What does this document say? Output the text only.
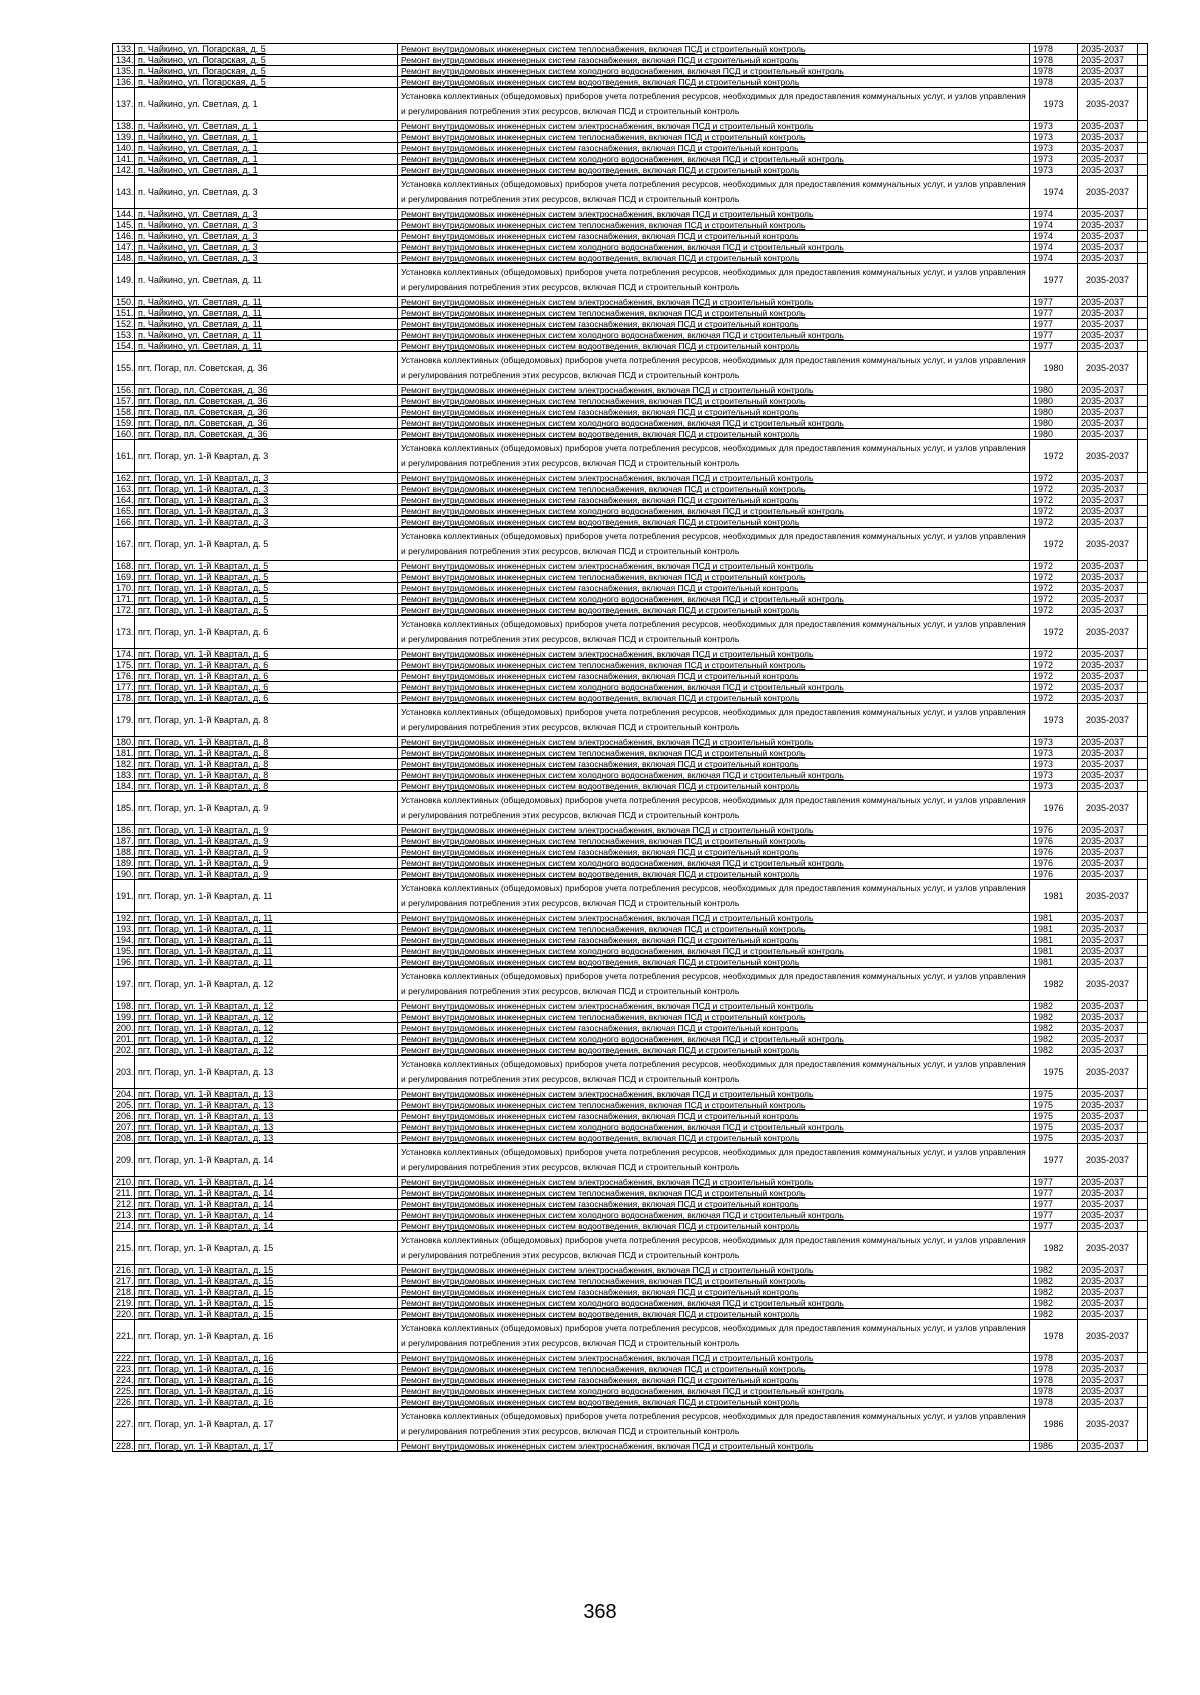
133.	п. Чайкино, ул. Погарская, д. 5	Ремонт внутридомовых инженерных систем теплоснабжения, включая ПСД и строительный контроль	1978	2035-2037	
134.	п. Чайкино, ул. Погарская, д. 5	Ремонт внутридомовых инженерных систем газоснабжения, включая ПСД и строительный контроль	1978	2035-2037	
135.	п. Чайкино, ул. Погарская, д. 5	Ремонт внутридомовых инженерных систем холодного водоснабжения, включая ПСД и строительный контроль	1978	2035-2037	
136.	п. Чайкино, ул. Погарская, д. 5	Ремонт внутридомовых инженерных систем водоотведения, включая ПСД и строительный контроль	1978	2035-2037	
137.	п. Чайкино, ул. Светлая, д. 1	Установка коллективных (общедомовых) приборов учета потребления ресурсов, необходимых для предоставления коммунальных услуг, и узлов управления и регулирования потребления этих ресурсов, включая ПСД и строительный контроль	1973	2035-2037	
138.	п. Чайкино, ул. Светлая, д. 1	Ремонт внутридомовых инженерных систем электроснабжения, включая ПСД и строительный контроль	1973	2035-2037	
139.	п. Чайкино, ул. Светлая, д. 1	Ремонт внутридомовых инженерных систем теплоснабжения, включая ПСД и строительный контроль	1973	2035-2037	
140.	п. Чайкино, ул. Светлая, д. 1	Ремонт внутридомовых инженерных систем газоснабжения, включая ПСД и строительный контроль	1973	2035-2037	
141.	п. Чайкино, ул. Светлая, д. 1	Ремонт внутридомовых инженерных систем холодного водоснабжения, включая ПСД и строительный контроль	1973	2035-2037	
142.	п. Чайкино, ул. Светлая, д. 1	Ремонт внутридомовых инженерных систем водоотведения, включая ПСД и строительный контроль	1973	2035-2037	
143.	п. Чайкино, ул. Светлая, д. 3	Установка коллективных (общедомовых) приборов учета потребления ресурсов, необходимых для предоставления коммунальных услуг, и узлов управления и регулирования потребления этих ресурсов, включая ПСД и строительный контроль	1974	2035-2037	
144.	п. Чайкино, ул. Светлая, д. 3	Ремонт внутридомовых инженерных систем электроснабжения, включая ПСД и строительный контроль	1974	2035-2037	
145.	п. Чайкино, ул. Светлая, д. 3	Ремонт внутридомовых инженерных систем теплоснабжения, включая ПСД и строительный контроль	1974	2035-2037	
146.	п. Чайкино, ул. Светлая, д. 3	Ремонт внутридомовых инженерных систем газоснабжения, включая ПСД и строительный контроль	1974	2035-2037	
147.	п. Чайкино, ул. Светлая, д. 3	Ремонт внутридомовых инженерных систем холодного водоснабжения, включая ПСД и строительный контроль	1974	2035-2037	
148.	п. Чайкино, ул. Светлая, д. 3	Ремонт внутридомовых инженерных систем водоотведения, включая ПСД и строительный контроль	1974	2035-2037	
149.	п. Чайкино, ул. Светлая, д. 11	Установка коллективных (общедомовых) приборов учета потребления ресурсов, необходимых для предоставления коммунальных услуг, и узлов управления и регулирования потребления этих ресурсов, включая ПСД и строительный контроль	1977	2035-2037	
150.	п. Чайкино, ул. Светлая, д. 11	Ремонт внутридомовых инженерных систем электроснабжения, включая ПСД и строительный контроль	1977	2035-2037	
151.	п. Чайкино, ул. Светлая, д. 11	Ремонт внутридомовых инженерных систем теплоснабжения, включая ПСД и строительный контроль	1977	2035-2037	
152.	п. Чайкино, ул. Светлая, д. 11	Ремонт внутридомовых инженерных систем газоснабжения, включая ПСД и строительный контроль	1977	2035-2037	
153.	п. Чайкино, ул. Светлая, д. 11	Ремонт внутридомовых инженерных систем холодного водоснабжения, включая ПСД и строительный контроль	1977	2035-2037	
154.	п. Чайкино, ул. Светлая, д. 11	Ремонт внутридомовых инженерных систем водоотведения, включая ПСД и строительный контроль	1977	2035-2037	
155.	пгт. Погар, пл. Советская, д. 36	Установка коллективных (общедомовых) приборов учета потребления ресурсов, необходимых для предоставления коммунальных услуг, и узлов управления и регулирования потребления этих ресурсов, включая ПСД и строительный контроль	1980	2035-2037	
156.	пгт. Погар, пл. Советская, д. 36	Ремонт внутридомовых инженерных систем электроснабжения, включая ПСД и строительный контроль	1980	2035-2037	
157.	пгт. Погар, пл. Советская, д. 36	Ремонт внутридомовых инженерных систем теплоснабжения, включая ПСД и строительный контроль	1980	2035-2037	
158.	пгт. Погар, пл. Советская, д. 36	Ремонт внутридомовых инженерных систем газоснабжения, включая ПСД и строительный контроль	1980	2035-2037	
159.	пгт. Погар, пл. Советская, д. 36	Ремонт внутридомовых инженерных систем холодного водоснабжения, включая ПСД и строительный контроль	1980	2035-2037	
160.	пгт. Погар, пл. Советская, д. 36	Ремонт внутридомовых инженерных систем водоотведения, включая ПСД и строительный контроль	1980	2035-2037	
161.	пгт. Погар, ул. 1-й Квартал, д. 3	Установка коллективных (общедомовых) приборов учета потребления ресурсов, необходимых для предоставления коммунальных услуг, и узлов управления и регулирования потребления этих ресурсов, включая ПСД и строительный контроль	1972	2035-2037	
162.	пгт. Погар, ул. 1-й Квартал, д. 3	Ремонт внутридомовых инженерных систем электроснабжения, включая ПСД и строительный контроль	1972	2035-2037	
163.	пгт. Погар, ул. 1-й Квартал, д. 3	Ремонт внутридомовых инженерных систем теплоснабжения, включая ПСД и строительный контроль	1972	2035-2037	
164.	пгт. Погар, ул. 1-й Квартал, д. 3	Ремонт внутридомовых инженерных систем газоснабжения, включая ПСД и строительный контроль	1972	2035-2037	
165.	пгт. Погар, ул. 1-й Квартал, д. 3	Ремонт внутридомовых инженерных систем холодного водоснабжения, включая ПСД и строительный контроль	1972	2035-2037	
166.	пгт. Погар, ул. 1-й Квартал, д. 3	Ремонт внутридомовых инженерных систем водоотведения, включая ПСД и строительный контроль	1972	2035-2037	
167.	пгт. Погар, ул. 1-й Квартал, д. 5	Установка коллективных (общедомовых) приборов учета потребления ресурсов, необходимых для предоставления коммунальных услуг, и узлов управления и регулирования потребления этих ресурсов, включая ПСД и строительный контроль	1972	2035-2037	
168.	пгт. Погар, ул. 1-й Квартал, д. 5	Ремонт внутридомовых инженерных систем электроснабжения, включая ПСД и строительный контроль	1972	2035-2037	
169.	пгт. Погар, ул. 1-й Квартал, д. 5	Ремонт внутридомовых инженерных систем теплоснабжения, включая ПСД и строительный контроль	1972	2035-2037	
170.	пгт. Погар, ул. 1-й Квартал, д. 5	Ремонт внутридомовых инженерных систем газоснабжения, включая ПСД и строительный контроль	1972	2035-2037	
171.	пгт. Погар, ул. 1-й Квартал, д. 5	Ремонт внутридомовых инженерных систем холодного водоснабжения, включая ПСД и строительный контроль	1972	2035-2037	
172.	пгт. Погар, ул. 1-й Квартал, д. 5	Ремонт внутридомовых инженерных систем водоотведения, включая ПСД и строительный контроль	1972	2035-2037	
173.	пгт. Погар, ул. 1-й Квартал, д. 6	Установка коллективных (общедомовых) приборов учета потребления ресурсов, необходимых для предоставления коммунальных услуг, и узлов управления и регулирования потребления этих ресурсов, включая ПСД и строительный контроль	1972	2035-2037	
174.	пгт. Погар, ул. 1-й Квартал, д. 6	Ремонт внутридомовых инженерных систем электроснабжения, включая ПСД и строительный контроль	1972	2035-2037	
175.	пгт. Погар, ул. 1-й Квартал, д. 6	Ремонт внутридомовых инженерных систем теплоснабжения, включая ПСД и строительный контроль	1972	2035-2037	
176.	пгт. Погар, ул. 1-й Квартал, д. 6	Ремонт внутридомовых инженерных систем газоснабжения, включая ПСД и строительный контроль	1972	2035-2037	
177.	пгт. Погар, ул. 1-й Квартал, д. 6	Ремонт внутридомовых инженерных систем холодного водоснабжения, включая ПСД и строительный контроль	1972	2035-2037	
178.	пгт. Погар, ул. 1-й Квартал, д. 6	Ремонт внутридомовых инженерных систем водоотведения, включая ПСД и строительный контроль	1972	2035-2037	
179.	пгт. Погар, ул. 1-й Квартал, д. 8	Установка коллективных (общедомовых) приборов учета потребления ресурсов, необходимых для предоставления коммунальных услуг, и узлов управления и регулирования потребления этих ресурсов, включая ПСД и строительный контроль	1973	2035-2037	
180.	пгт. Погар, ул. 1-й Квартал, д. 8	Ремонт внутридомовых инженерных систем электроснабжения, включая ПСД и строительный контроль	1973	2035-2037	
181.	пгт. Погар, ул. 1-й Квартал, д. 8	Ремонт внутридомовых инженерных систем теплоснабжения, включая ПСД и строительный контроль	1973	2035-2037	
182.	пгт. Погар, ул. 1-й Квартал, д. 8	Ремонт внутридомовых инженерных систем газоснабжения, включая ПСД и строительный контроль	1973	2035-2037	
183.	пгт. Погар, ул. 1-й Квартал, д. 8	Ремонт внутридомовых инженерных систем холодного водоснабжения, включая ПСД и строительный контроль	1973	2035-2037	
184.	пгт. Погар, ул. 1-й Квартал, д. 8	Ремонт внутридомовых инженерных систем водоотведения, включая ПСД и строительный контроль	1973	2035-2037	
185.	пгт. Погар, ул. 1-й Квартал, д. 9	Установка коллективных (общедомовых) приборов учета потребления ресурсов, необходимых для предоставления коммунальных услуг, и узлов управления и регулирования потребления этих ресурсов, включая ПСД и строительный контроль	1976	2035-2037	
186.	пгт. Погар, ул. 1-й Квартал, д. 9	Ремонт внутридомовых инженерных систем электроснабжения, включая ПСД и строительный контроль	1976	2035-2037	
187.	пгт. Погар, ул. 1-й Квартал, д. 9	Ремонт внутридомовых инженерных систем теплоснабжения, включая ПСД и строительный контроль	1976	2035-2037	
188.	пгт. Погар, ул. 1-й Квартал, д. 9	Ремонт внутридомовых инженерных систем газоснабжения, включая ПСД и строительный контроль	1976	2035-2037	
189.	пгт. Погар, ул. 1-й Квартал, д. 9	Ремонт внутридомовых инженерных систем холодного водоснабжения, включая ПСД и строительный контроль	1976	2035-2037	
190.	пгт. Погар, ул. 1-й Квартал, д. 9	Ремонт внутридомовых инженерных систем водоотведения, включая ПСД и строительный контроль	1976	2035-2037	
191.	пгт. Погар, ул. 1-й Квартал, д. 11	Установка коллективных (общедомовых) приборов учета потребления ресурсов, необходимых для предоставления коммунальных услуг, и узлов управления и регулирования потребления этих ресурсов, включая ПСД и строительный контроль	1981	2035-2037	
192.	пгт. Погар, ул. 1-й Квартал, д. 11	Ремонт внутридомовых инженерных систем электроснабжения, включая ПСД и строительный контроль	1981	2035-2037	
193.	пгт. Погар, ул. 1-й Квартал, д. 11	Ремонт внутридомовых инженерных систем теплоснабжения, включая ПСД и строительный контроль	1981	2035-2037	
194.	пгт. Погар, ул. 1-й Квартал, д. 11	Ремонт внутридомовых инженерных систем газоснабжения, включая ПСД и строительный контроль	1981	2035-2037	
195.	пгт. Погар, ул. 1-й Квартал, д. 11	Ремонт внутридомовых инженерных систем холодного водоснабжения, включая ПСД и строительный контроль	1981	2035-2037	
196.	пгт. Погар, ул. 1-й Квартал, д. 11	Ремонт внутридомовых инженерных систем водоотведения, включая ПСД и строительный контроль	1981	2035-2037	
197.	пгт. Погар, ул. 1-й Квартал, д. 12	Установка коллективных (общедомовых) приборов учета потребления ресурсов, необходимых для предоставления коммунальных услуг, и узлов управления и регулирования потребления этих ресурсов, включая ПСД и строительный контроль	1982	2035-2037	
198.	пгт. Погар, ул. 1-й Квартал, д. 12	Ремонт внутридомовых инженерных систем электроснабжения, включая ПСД и строительный контроль	1982	2035-2037	
199.	пгт. Погар, ул. 1-й Квартал, д. 12	Ремонт внутридомовых инженерных систем теплоснабжения, включая ПСД и строительный контроль	1982	2035-2037	
200.	пгт. Погар, ул. 1-й Квартал, д. 12	Ремонт внутридомовых инженерных систем газоснабжения, включая ПСД и строительный контроль	1982	2035-2037	
201.	пгт. Погар, ул. 1-й Квартал, д. 12	Ремонт внутридомовых инженерных систем холодного водоснабжения, включая ПСД и строительный контроль	1982	2035-2037	
202.	пгт. Погар, ул. 1-й Квартал, д. 12	Ремонт внутридомовых инженерных систем водоотведения, включая ПСД и строительный контроль	1982	2035-2037	
203.	пгт. Погар, ул. 1-й Квартал, д. 13	Установка коллективных (общедомовых) приборов учета потребления ресурсов, необходимых для предоставления коммунальных услуг, и узлов управления и регулирования потребления этих ресурсов, включая ПСД и строительный контроль	1975	2035-2037	
204.	пгт. Погар, ул. 1-й Квартал, д. 13	Ремонт внутридомовых инженерных систем электроснабжения, включая ПСД и строительный контроль	1975	2035-2037	
205.	пгт. Погар, ул. 1-й Квартал, д. 13	Ремонт внутридомовых инженерных систем теплоснабжения, включая ПСД и строительный контроль	1975	2035-2037	
206.	пгт. Погар, ул. 1-й Квартал, д. 13	Ремонт внутридомовых инженерных систем газоснабжения, включая ПСД и строительный контроль	1975	2035-2037	
207.	пгт. Погар, ул. 1-й Квартал, д. 13	Ремонт внутридомовых инженерных систем холодного водоснабжения, включая ПСД и строительный контроль	1975	2035-2037	
208.	пгт. Погар, ул. 1-й Квартал, д. 13	Ремонт внутридомовых инженерных систем водоотведения, включая ПСД и строительный контроль	1975	2035-2037	
209.	пгт. Погар, ул. 1-й Квартал, д. 14	Установка коллективных (общедомовых) приборов учета потребления ресурсов, необходимых для предоставления коммунальных услуг, и узлов управления и регулирования потребления этих ресурсов, включая ПСД и строительный контроль	1977	2035-2037	
210.	пгт. Погар, ул. 1-й Квартал, д. 14	Ремонт внутридомовых инженерных систем электроснабжения, включая ПСД и строительный контроль	1977	2035-2037	
211.	пгт. Погар, ул. 1-й Квартал, д. 14	Ремонт внутридомовых инженерных систем теплоснабжения, включая ПСД и строительный контроль	1977	2035-2037	
212.	пгт. Погар, ул. 1-й Квартал, д. 14	Ремонт внутридомовых инженерных систем газоснабжения, включая ПСД и строительный контроль	1977	2035-2037	
213.	пгт. Погар, ул. 1-й Квартал, д. 14	Ремонт внутридомовых инженерных систем холодного водоснабжения, включая ПСД и строительный контроль	1977	2035-2037	
214.	пгт. Погар, ул. 1-й Квартал, д. 14	Ремонт внутридомовых инженерных систем водоотведения, включая ПСД и строительный контроль	1977	2035-2037	
215.	пгт. Погар, ул. 1-й Квартал, д. 15	Установка коллективных (общедомовых) приборов учета потребления ресурсов, необходимых для предоставления коммунальных услуг, и узлов управления и регулирования потребления этих ресурсов, включая ПСД и строительный контроль	1982	2035-2037	
216.	пгт. Погар, ул. 1-й Квартал, д. 15	Ремонт внутридомовых инженерных систем электроснабжения, включая ПСД и строительный контроль	1982	2035-2037	
217.	пгт. Погар, ул. 1-й Квартал, д. 15	Ремонт внутридомовых инженерных систем теплоснабжения, включая ПСД и строительный контроль	1982	2035-2037	
218.	пгт. Погар, ул. 1-й Квартал, д. 15	Ремонт внутридомовых инженерных систем газоснабжения, включая ПСД и строительный контроль	1982	2035-2037	
219.	пгт. Погар, ул. 1-й Квартал, д. 15	Ремонт внутридомовых инженерных систем холодного водоснабжения, включая ПСД и строительный контроль	1982	2035-2037	
220.	пгт. Погар, ул. 1-й Квартал, д. 15	Ремонт внутридомовых инженерных систем водоотведения, включая ПСД и строительный контроль	1982	2035-2037	
221.	пгт. Погар, ул. 1-й Квартал, д. 16	Установка коллективных (общедомовых) приборов учета потребления ресурсов, необходимых для предоставления коммунальных услуг, и узлов управления и регулирования потребления этих ресурсов, включая ПСД и строительный контроль	1978	2035-2037	
222.	пгт. Погар, ул. 1-й Квартал, д. 16	Ремонт внутридомовых инженерных систем электроснабжения, включая ПСД и строительный контроль	1978	2035-2037	
223.	пгт. Погар, ул. 1-й Квартал, д. 16	Ремонт внутридомовых инженерных систем теплоснабжения, включая ПСД и строительный контроль	1978	2035-2037	
224.	пгт. Погар, ул. 1-й Квартал, д. 16	Ремонт внутридомовых инженерных систем газоснабжения, включая ПСД и строительный контроль	1978	2035-2037	
225.	пгт. Погар, ул. 1-й Квартал, д. 16	Ремонт внутридомовых инженерных систем холодного водоснабжения, включая ПСД и строительный контроль	1978	2035-2037	
226.	пгт. Погар, ул. 1-й Квартал, д. 16	Ремонт внутридомовых инженерных систем водоотведения, включая ПСД и строительный контроль	1978	2035-2037	
227.	пгт. Погар, ул. 1-й Квартал, д. 17	Установка коллективных (общедомовых) приборов учета потребления ресурсов, необходимых для предоставления коммунальных услуг, и узлов управления и регулирования потребления этих ресурсов, включая ПСД и строительный контроль	1986	2035-2037	
228.	пгт. Погар, ул. 1-й Квартал, д. 17	Ремонт внутридомовых инженерных систем электроснабжения, включая ПСД и строительный контроль	1986	2035-2037	
368
